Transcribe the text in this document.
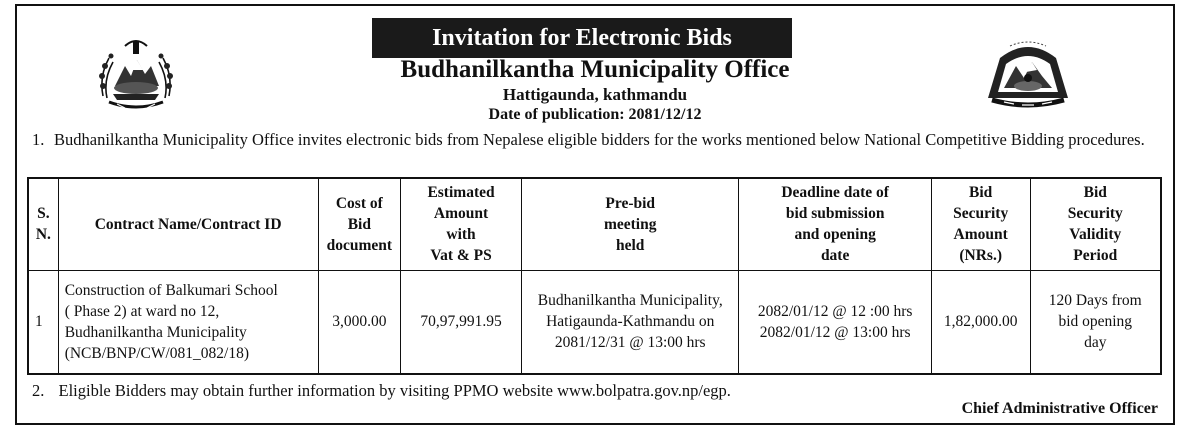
Invitation for Electronic Bids
Budhanilkantha Municipality Office
Hattigaunda, kathmandu
Date of publication: 2081/12/12
1. Budhanilkantha Municipality Office invites electronic bids from Nepalese eligible bidders for the works mentioned below National Competitive Bidding procedures.
S.
N.	Contract Name/Contract ID	Cost of
Bid
document	Estimated
Amount
with
Vat & PS	Pre-bid
meeting
held	Deadline date of
bid submission
and opening
date	Bid
Security
Amount
(NRs.)	Bid
Security
Validity
Period
1	Construction of Balkumari School
( Phase 2) at ward no 12,
Budhanilkantha Municipality
(NCB/BNP/CW/081_082/18)	3,000.00	70,97,991.95	Budhanilkantha Municipality,
Hatigaunda-Kathmandu on
2081/12/31 @ 13:00 hrs	2082/01/12 @ 12 :00 hrs
2082/01/12 @ 13:00 hrs	1,82,000.00	120 Days from
bid opening
day
2. Eligible Bidders may obtain further information by visiting PPMO website www.bolpatra.gov.np/egp.
Chief Administrative Officer
